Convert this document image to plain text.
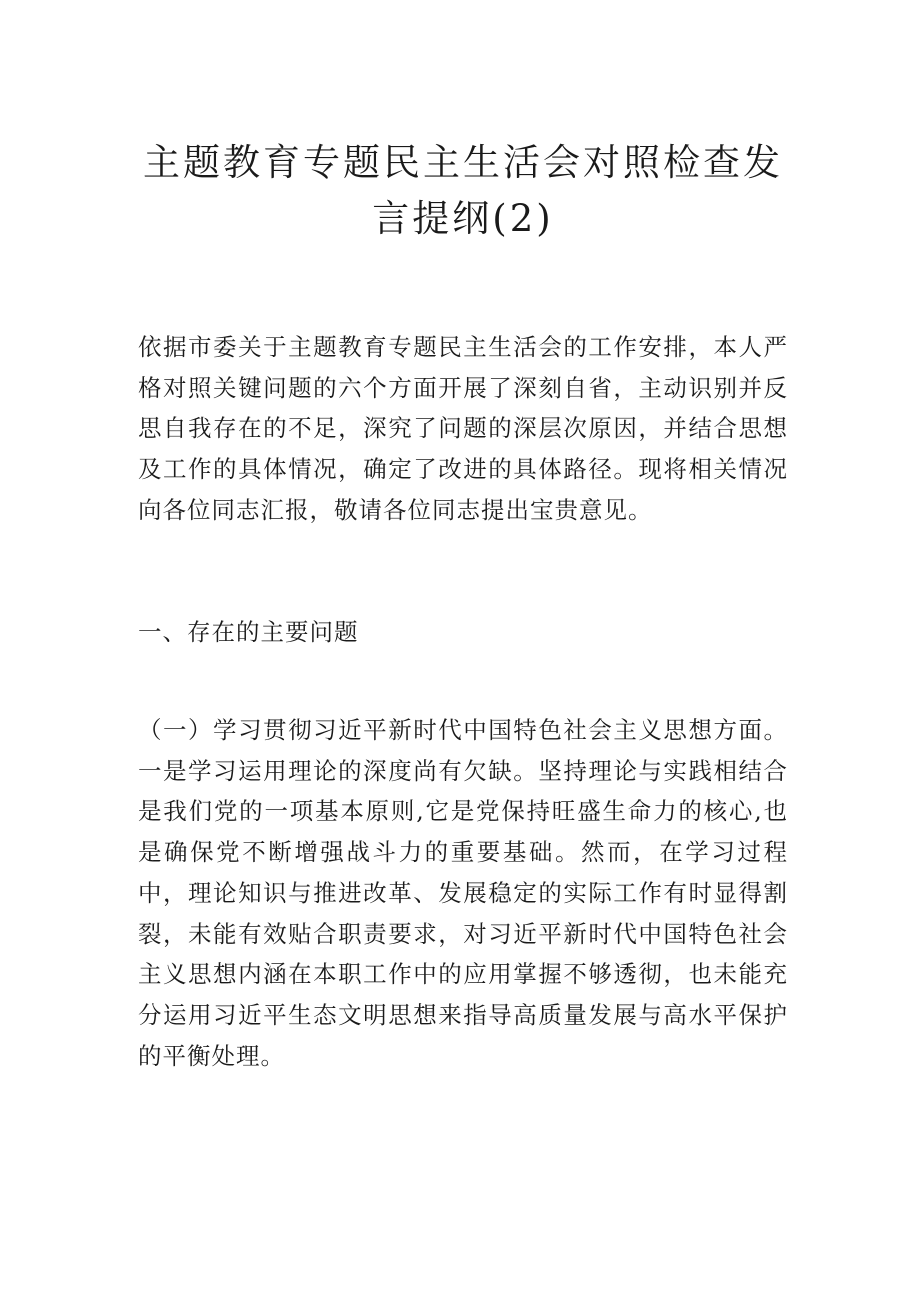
主题教育专题民主生活会对照检查发言提纲(2)

依据市委关于主题教育专题民主生活会的工作安排，本人严格对照关键问题的六个方面开展了深刻自省，主动识别并反思自我存在的不足，深究了问题的深层次原因，并结合思想及工作的具体情况，确定了改进的具体路径。现将相关情况向各位同志汇报，敬请各位同志提出宝贵意见。

一、存在的主要问题

（一）学习贯彻习近平新时代中国特色社会主义思想方面。一是学习运用理论的深度尚有欠缺。坚持理论与实践相结合是我们党的一项基本原则,它是党保持旺盛生命力的核心,也是确保党不断增强战斗力的重要基础。然而，在学习过程中，理论知识与推进改革、发展稳定的实际工作有时显得割裂，未能有效贴合职责要求，对习近平新时代中国特色社会主义思想内涵在本职工作中的应用掌握不够透彻，也未能充分运用习近平生态文明思想来指导高质量发展与高水平保护的平衡处理。
